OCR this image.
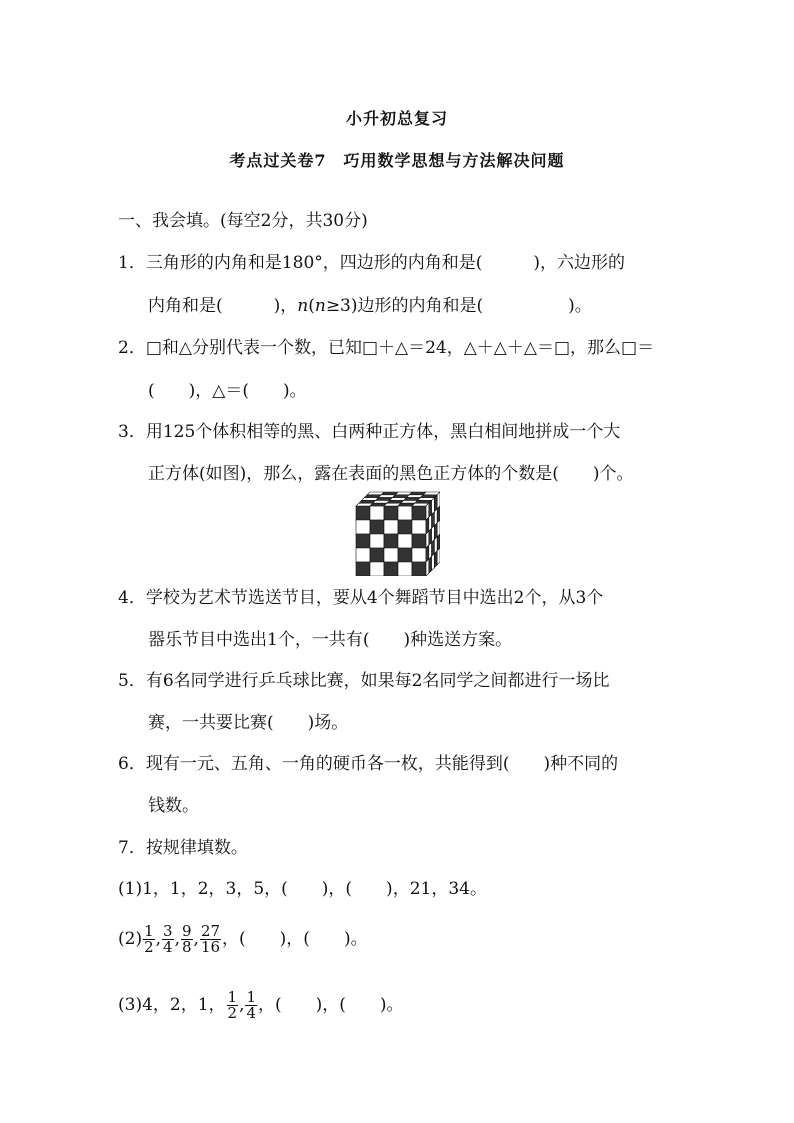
小升初总复习
考点过关卷7　巧用数学思想与方法解决问题
一、我会填。(每空2分，共30分)
1．三角形的内角和是180°，四边形的内角和是(　　　)，六边形的
内角和是(　　　)，n(n≥3)边形的内角和是(　　　　　)。
2．□和△分别代表一个数，已知□＋△＝24，△＋△＋△＝□，那么□＝
(　　)，△＝(　　)。
3．用125个体积相等的黑、白两种正方体，黑白相间地拼成一个大
正方体(如图)，那么，露在表面的黑色正方体的个数是(　　)个。
4．学校为艺术节选送节目，要从4个舞蹈节目中选出2个，从3个
器乐节目中选出1个，一共有(　　)种选送方案。
5．有6名同学进行乒乓球比赛，如果每2名同学之间都进行一场比
赛，一共要比赛(　　)场。
6．现有一元、五角、一角的硬币各一枚，共能得到(　　)种不同的
钱数。
7．按规律填数。
(1)1，1，2，3，5，(　　)，(　　)，21，34。
$(2) \frac{1}{2}$ , $\frac{3}{4}$ , $\frac{9}{8}$ , $\frac{27}{16}$ ，(　　)，(　　)。
(3)4，2，1， $\frac{1}{2}$ , $\frac{1}{4}$ ，(　　)，(　　)。
